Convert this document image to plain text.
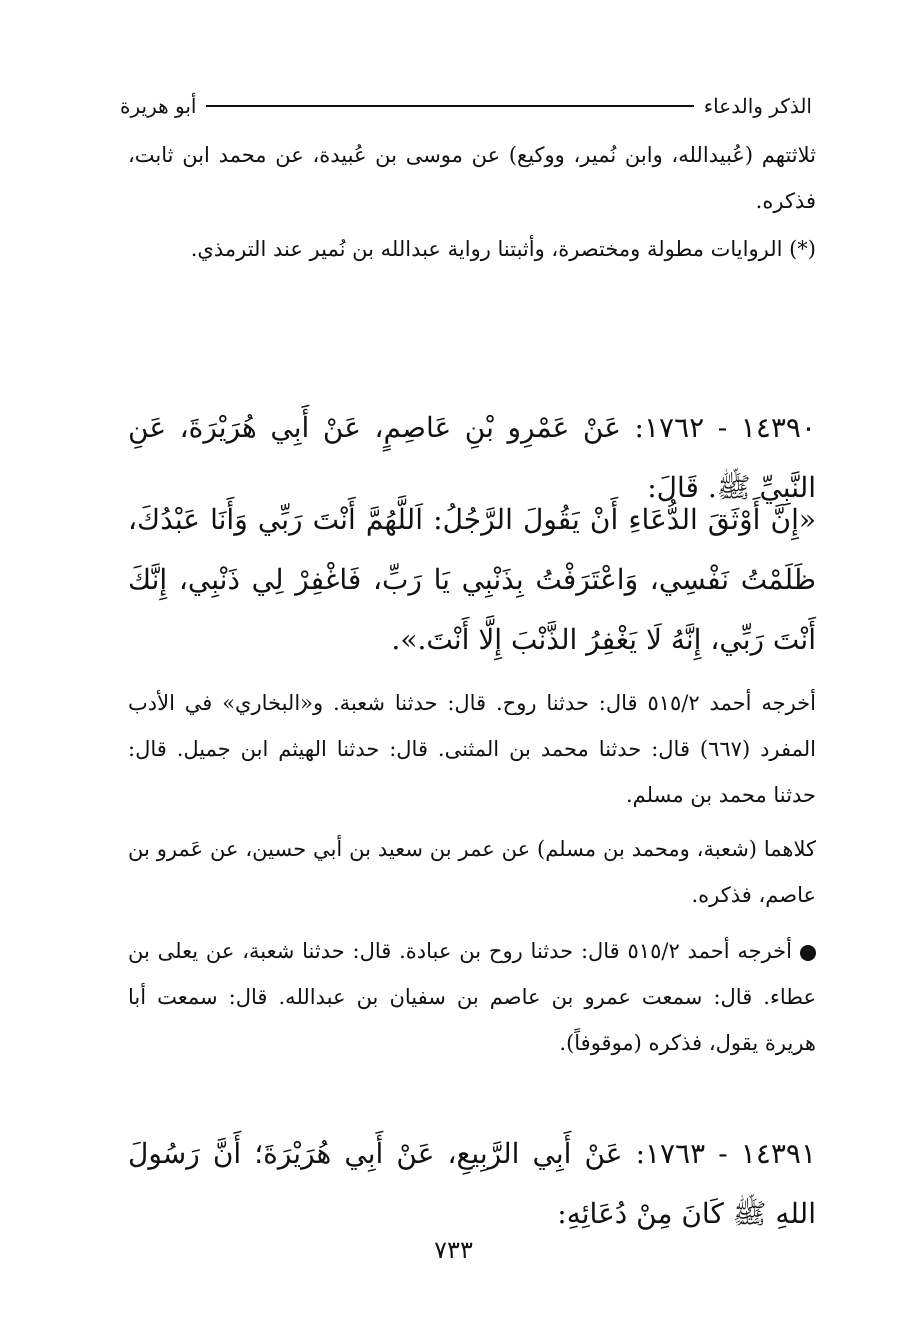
الذكر والدعاء
أبو هريرة
ثلاثتهم (عُبيدالله، وابن نُمير، ووكيع) عن موسى بن عُبيدة، عن محمد ابن ثابت، فذكره.
(*) الروايات مطولة ومختصرة، وأثبتنا رواية عبدالله بن نُمير عند الترمذي.
١٤٣٩٠ - ١٧٦٢: عَنْ عَمْرِو بْنِ عَاصِمٍ، عَنْ أَبِي هُرَيْرَةَ، عَنِ النَّبِيِّ ﷺ. قَالَ:
«إِنَّ أَوْثَقَ الدُّعَاءِ أَنْ يَقُولَ الرَّجُلُ: اَللَّهُمَّ أَنْتَ رَبِّي وَأَنَا عَبْدُكَ، ظَلَمْتُ نَفْسِي، وَاعْتَرَفْتُ بِذَنْبِي يَا رَبِّ، فَاغْفِرْ لِي ذَنْبِي، إِنَّكَ أَنْتَ رَبِّي، إِنَّهُ لَا يَغْفِرُ الذَّنْبَ إِلَّا أَنْتَ.».
أخرجه أحمد ٥١٥/٢ قال: حدثنا روح. قال: حدثنا شعبة. و«البخاري» في الأدب المفرد (٦٦٧) قال: حدثنا محمد بن المثنى. قال: حدثنا الهيثم ابن جميل. قال: حدثنا محمد بن مسلم.
كلاهما (شعبة، ومحمد بن مسلم) عن عمر بن سعيد بن أبي حسين، عن عَمرو بن عاصم، فذكره.
أخرجه أحمد ٥١٥/٢ قال: حدثنا روح بن عبادة. قال: حدثنا شعبة، عن يعلى بن عطاء. قال: سمعت عمرو بن عاصم بن سفيان بن عبدالله. قال: سمعت أبا هريرة يقول، فذكره (موقوفاً).
١٤٣٩١ - ١٧٦٣: عَنْ أَبِي الرَّبِيعِ، عَنْ أَبِي هُرَيْرَةَ؛ أَنَّ رَسُولَ اللهِ ﷺ كَانَ مِنْ دُعَائِهِ:
٧٣٣
